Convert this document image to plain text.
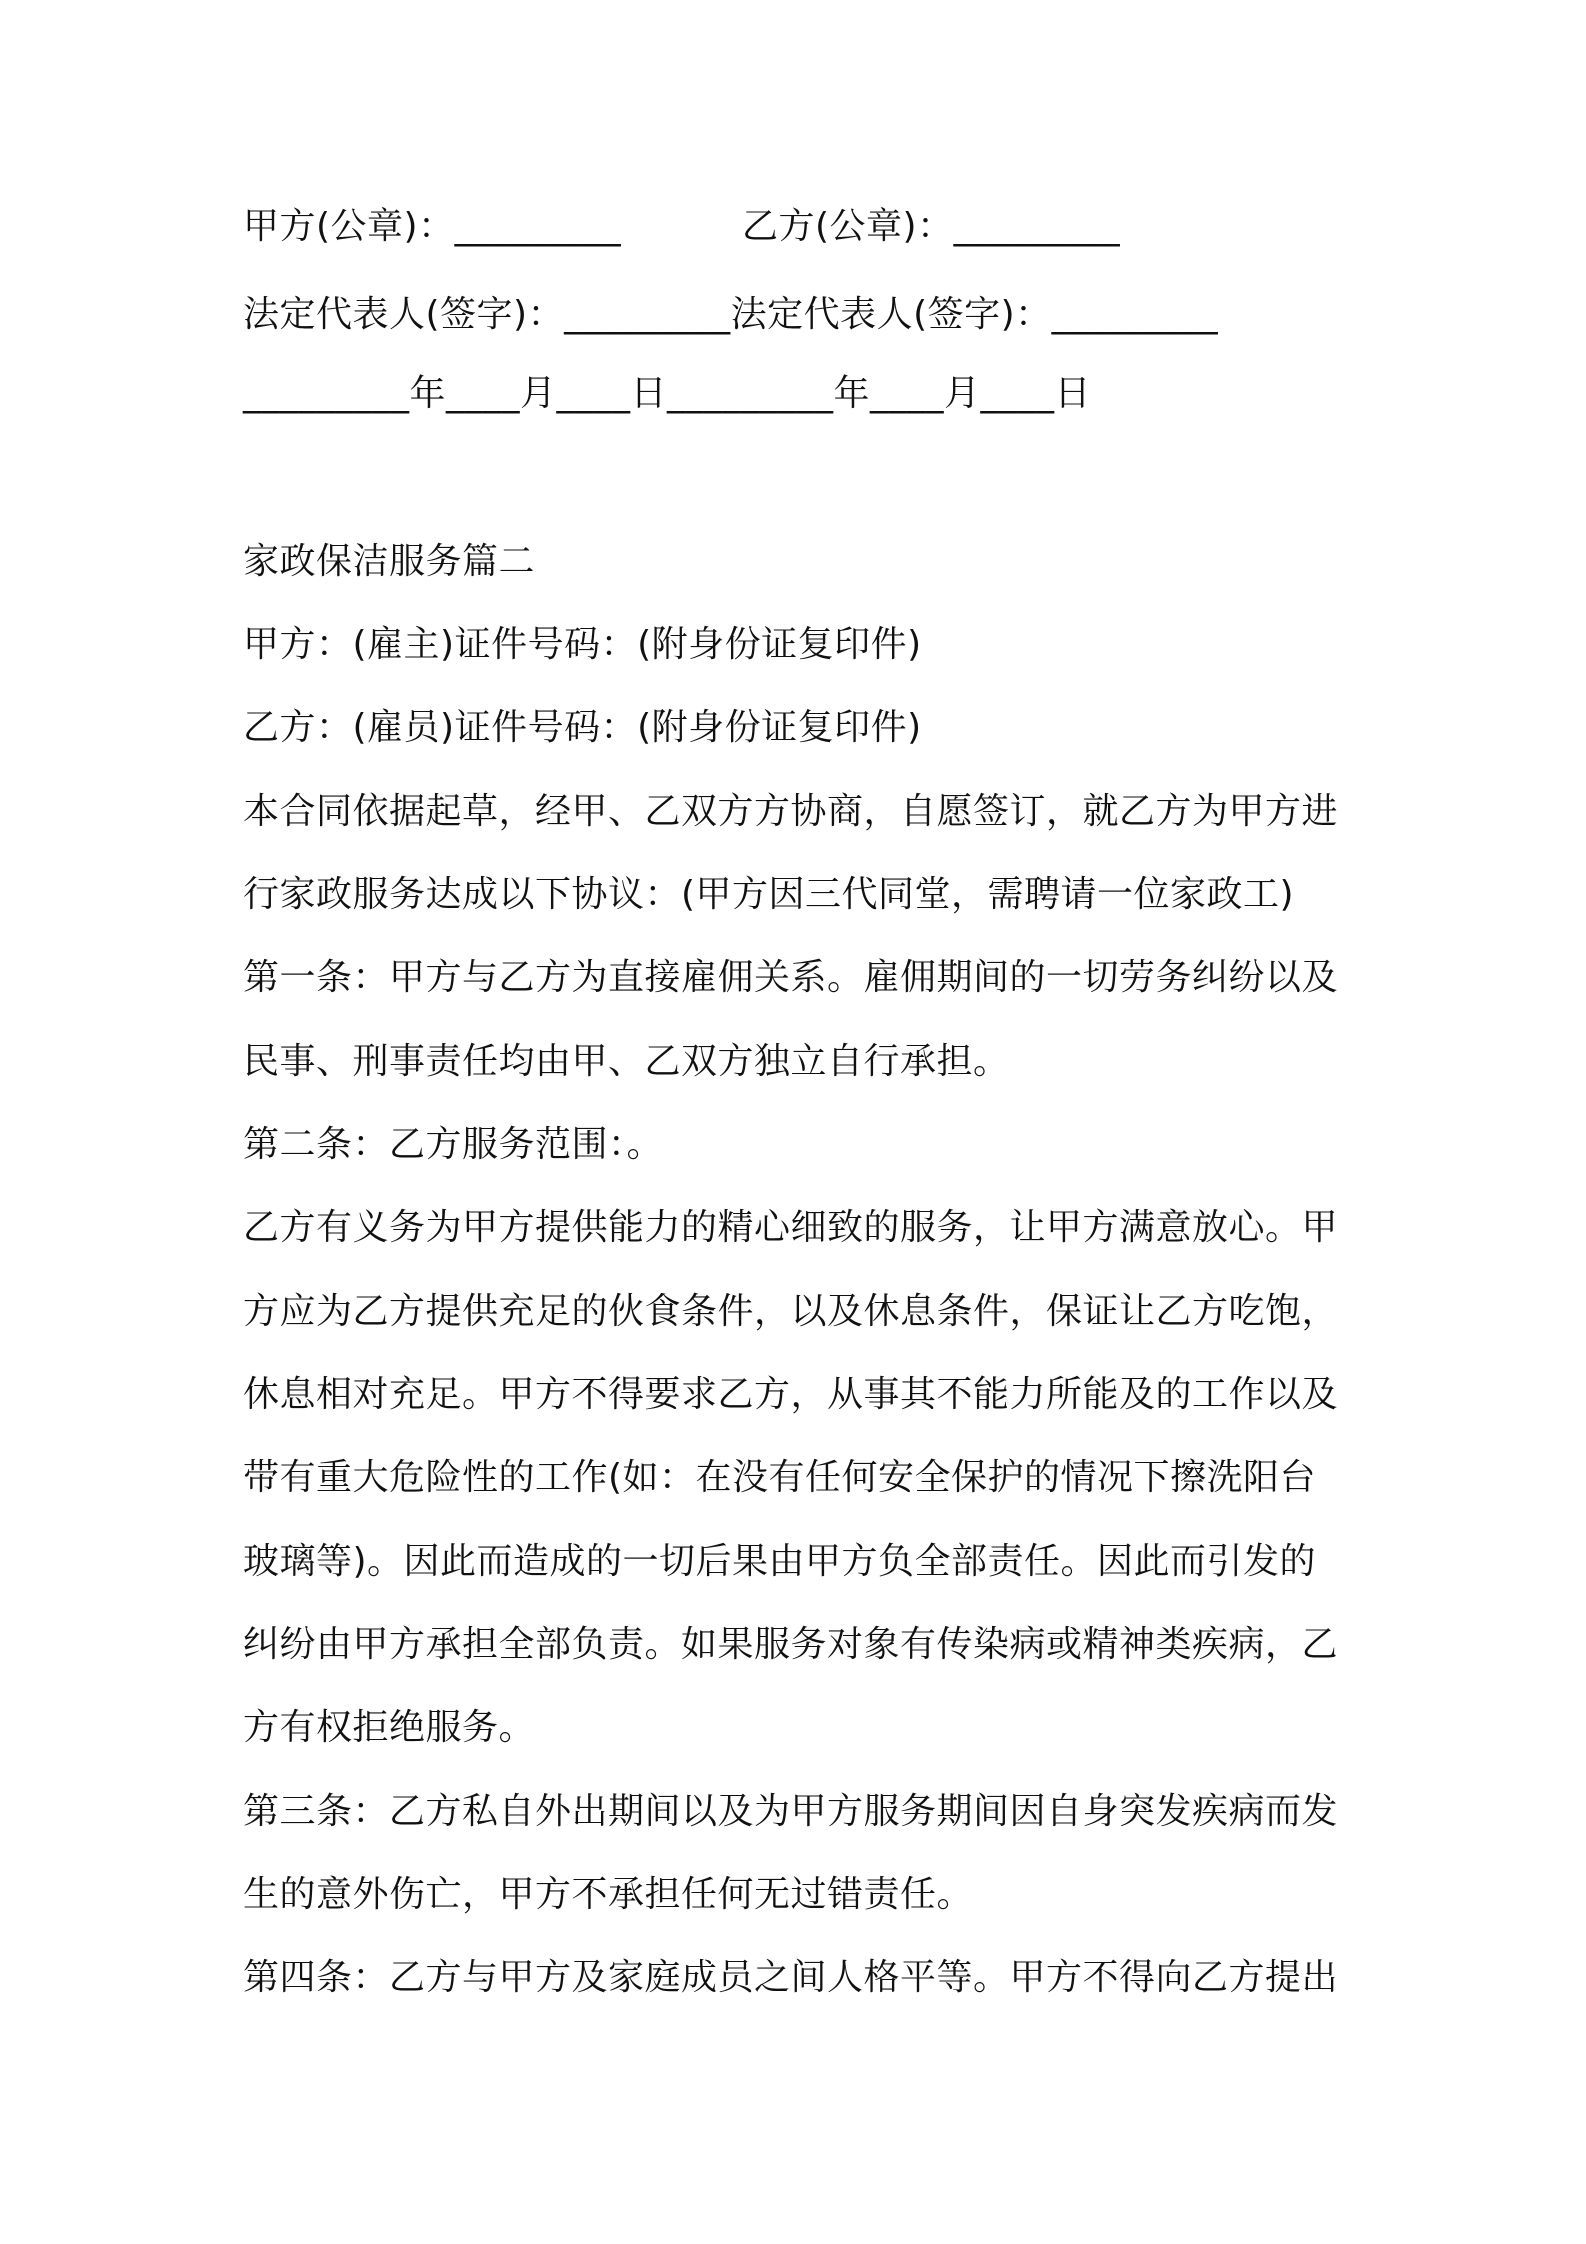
甲方(公章)：_________	乙方(公章)：_________
法定代表人(签字)：_________法定代表人(签字)：_________
_________年____月____日_________年____月____日
家政保洁服务篇二
甲方：(雇主)证件号码：(附身份证复印件)
乙方：(雇员)证件号码：(附身份证复印件)
本合同依据起草，经甲、乙双方方协商，自愿签订，就乙方为甲方进
行家政服务达成以下协议：(甲方因三代同堂，需聘请一位家政工)
第一条：甲方与乙方为直接雇佣关系。雇佣期间的一切劳务纠纷以及
民事、刑事责任均由甲、乙双方独立自行承担。
第二条：乙方服务范围：。
乙方有义务为甲方提供能力的精心细致的服务，让甲方满意放心。甲
方应为乙方提供充足的伙食条件，以及休息条件，保证让乙方吃饱，
休息相对充足。甲方不得要求乙方，从事其不能力所能及的工作以及
带有重大危险性的工作(如：在没有任何安全保护的情况下擦洗阳台
玻璃等)。因此而造成的一切后果由甲方负全部责任。因此而引发的
纠纷由甲方承担全部负责。如果服务对象有传染病或精神类疾病，乙
方有权拒绝服务。
第三条：乙方私自外出期间以及为甲方服务期间因自身突发疾病而发
生的意外伤亡，甲方不承担任何无过错责任。
第四条：乙方与甲方及家庭成员之间人格平等。甲方不得向乙方提出
